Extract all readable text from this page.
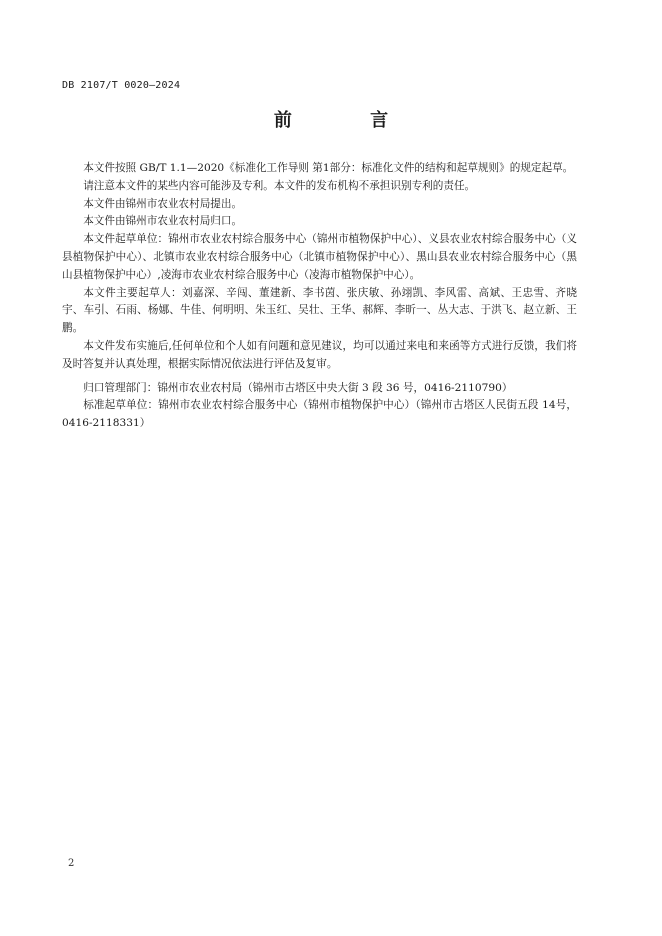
DB 2107/T 0020—2024
前 言

本文件按照 GB/T 1.1—2020《标准化工作导则 第1部分：标准化文件的结构和起草规则》的规定起草。

请注意本文件的某些内容可能涉及专利。本文件的发布机构不承担识别专利的责任。

本文件由锦州市农业农村局提出。

本文件由锦州市农业农村局归口。

本文件起草单位：锦州市农业农村综合服务中心（锦州市植物保护中心）、义县农业农村综合服务中心（义县植物保护中心）、北镇市农业农村综合服务中心（北镇市植物保护中心）、黑山县农业农村综合服务中心（黑山县植物保护中心）,凌海市农业农村综合服务中心（凌海市植物保护中心）。

本文件主要起草人：刘嘉深、辛闯、董建新、李书茵、张庆敏、孙翊凯、李风雷、高斌、王忠雪、齐晓宇、车引、石雨、杨娜、牛佳、何明明、朱玉红、吴壮、王华、郝辉、李昕一、丛大志、于洪飞、赵立新、王鹏。

本文件发布实施后,任何单位和个人如有问题和意见建议，均可以通过来电和来函等方式进行反馈，我们将及时答复并认真处理，根据实际情况依法进行评估及复审。

归口管理部门：锦州市农业农村局（锦州市古塔区中央大街 3 段 36 号，0416-2110790）

标准起草单位：锦州市农业农村综合服务中心（锦州市植物保护中心）（锦州市古塔区人民街五段 14号，0416-2118331）

2
